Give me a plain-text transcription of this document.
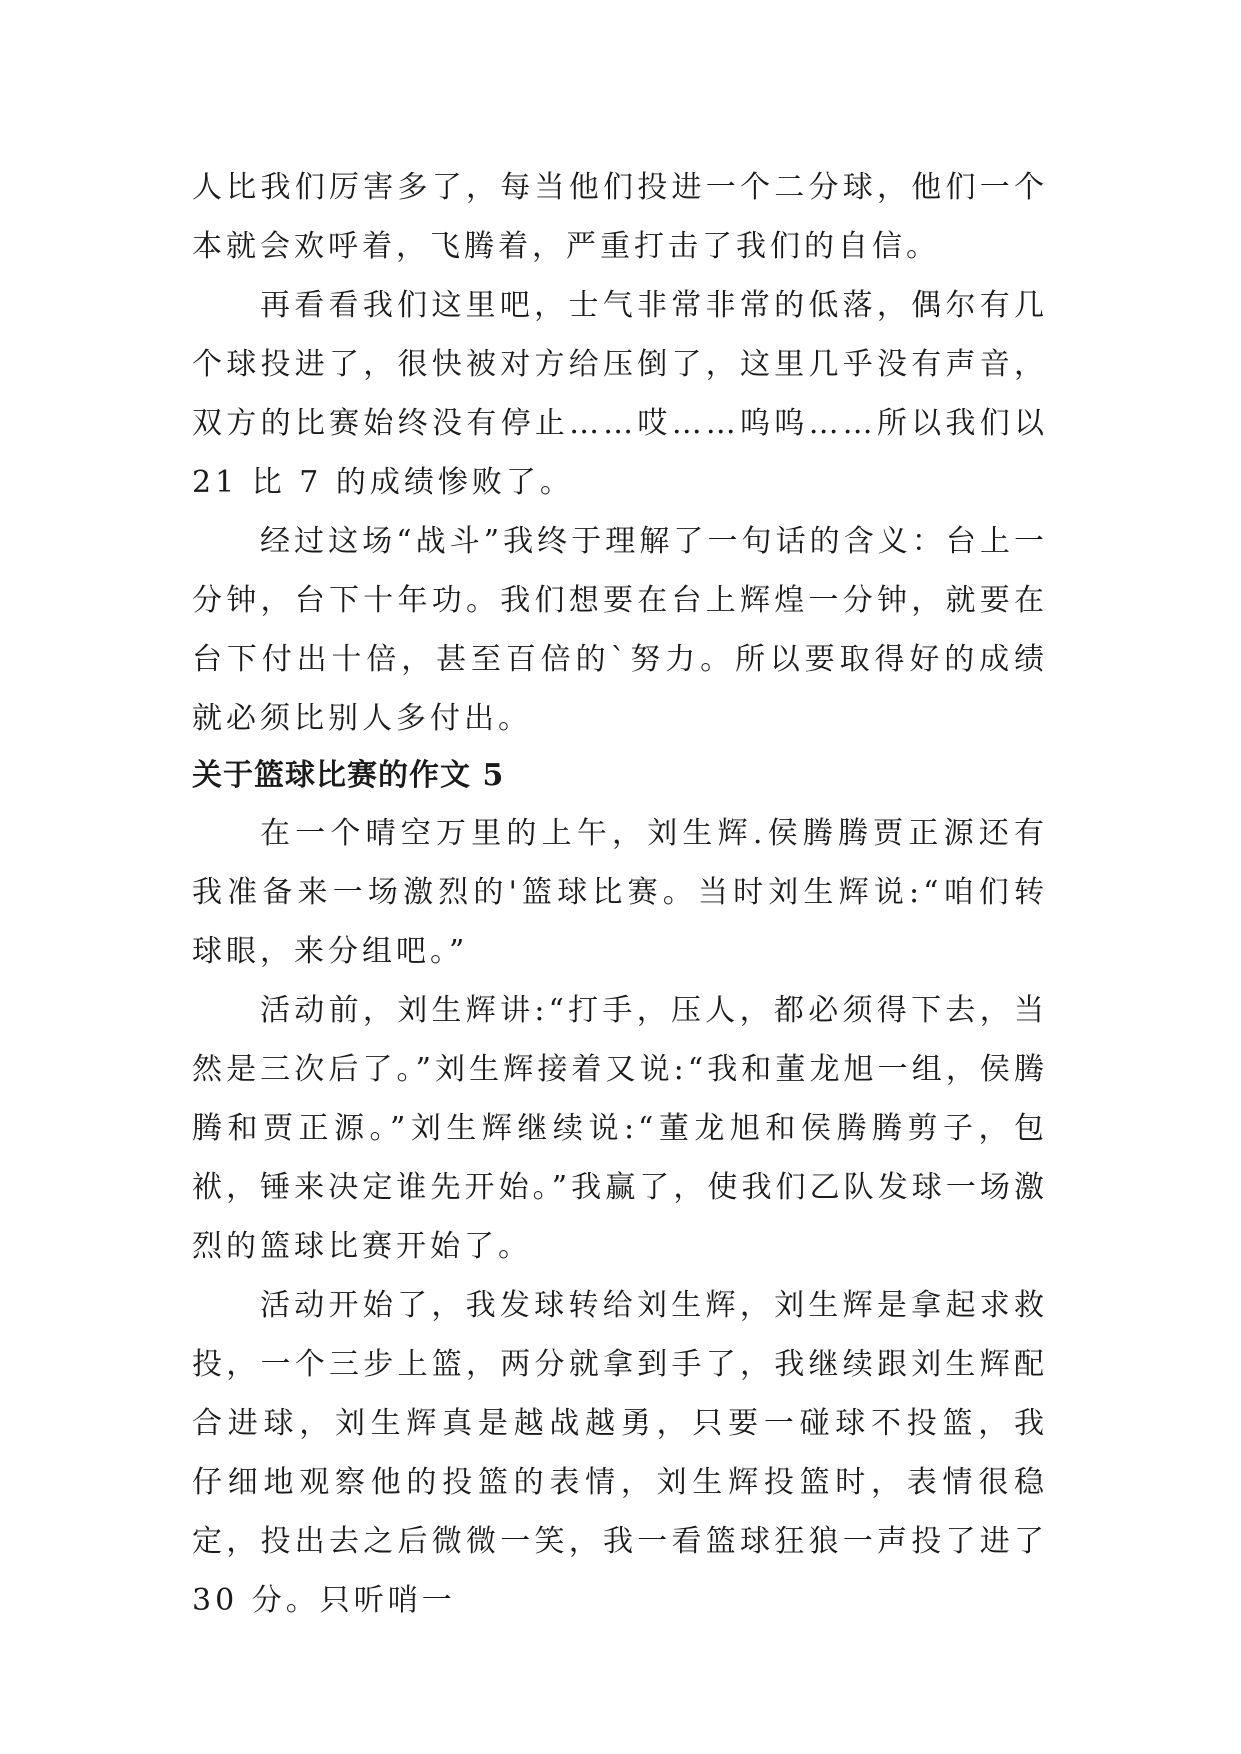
人比我们厉害多了，每当他们投进一个二分球，他们一个本就会欢呼着，飞腾着，严重打击了我们的自信。

再看看我们这里吧，士气非常非常的低落，偶尔有几个球投进了，很快被对方给压倒了，这里几乎没有声音，双方的比赛始终没有停止……哎……呜呜……所以我们以 21 比 7 的成绩惨败了。

经过这场“战斗”我终于理解了一句话的含义：台上一分钟，台下十年功。我们想要在台上辉煌一分钟，就要在台下付出十倍，甚至百倍的`努力。所以要取得好的成绩就必须比别人多付出。

关于篮球比赛的作文 5

在一个晴空万里的上午，刘生辉.侯腾腾贾正源还有我准备来一场激烈的'篮球比赛。当时刘生辉说:“咱们转球眼，来分组吧。”

活动前，刘生辉讲:“打手，压人，都必须得下去，当然是三次后了。”刘生辉接着又说:“我和董龙旭一组，侯腾腾和贾正源。”刘生辉继续说:“董龙旭和侯腾腾剪子，包袱，锤来决定谁先开始。”我赢了，使我们乙队发球一场激烈的篮球比赛开始了。

活动开始了，我发球转给刘生辉，刘生辉是拿起求救投，一个三步上篮，两分就拿到手了，我继续跟刘生辉配合进球，刘生辉真是越战越勇，只要一碰球不投篮，我 仔细地观察他的投篮的表情，刘生辉投篮时，表情很稳定，投出去之后微微一笑，我一看篮球狂狼一声投了进了 30 分。只听哨一
